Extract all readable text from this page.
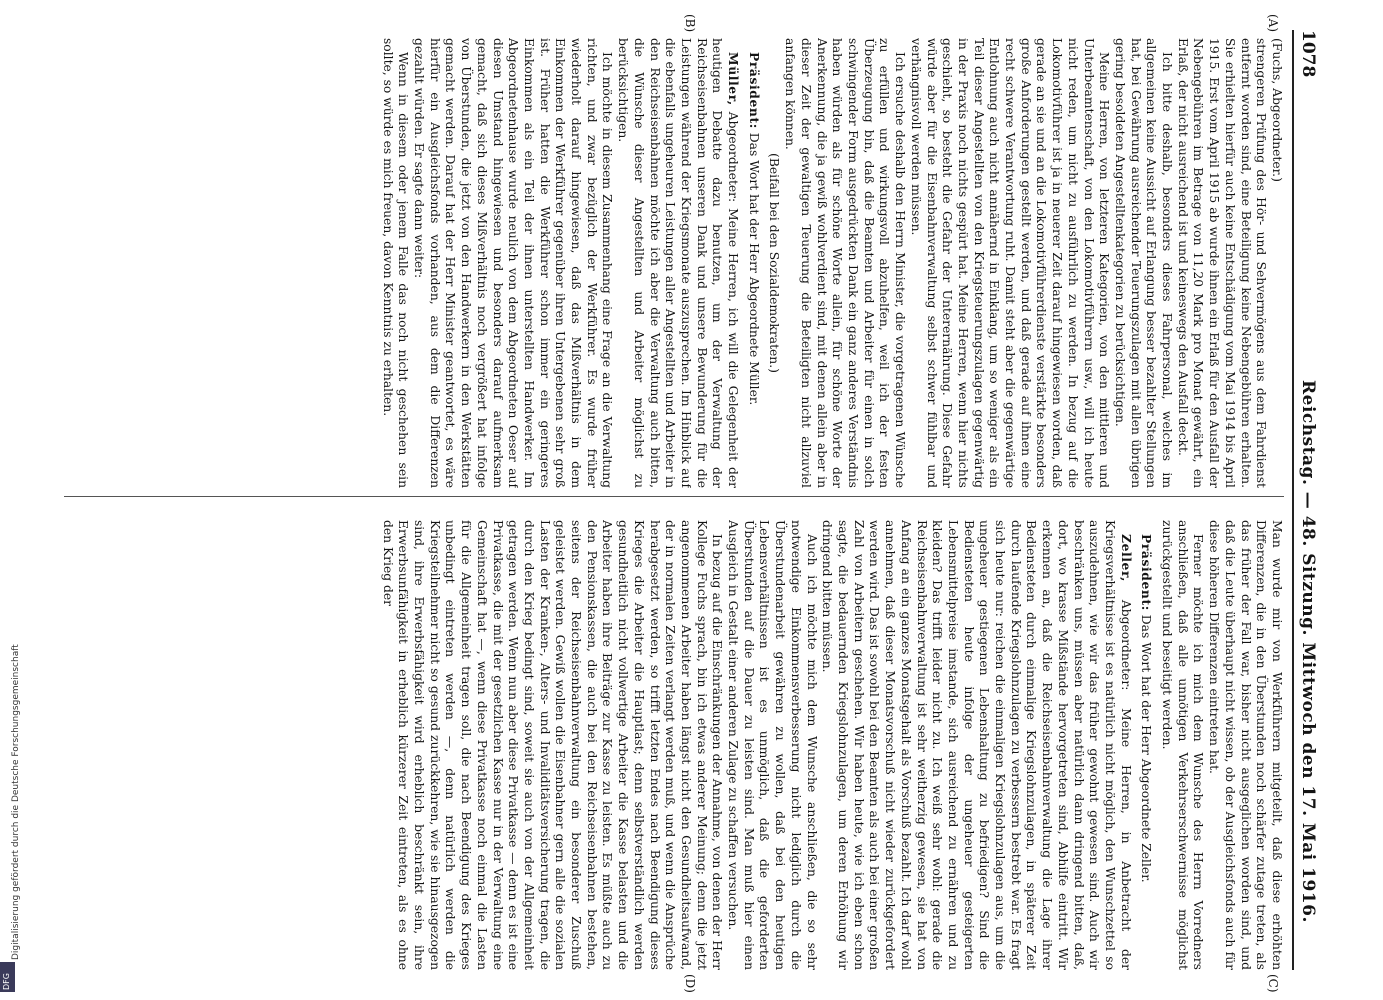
1078
Reichstag. — 48. Sitzung. Mittwoch den 17. Mai 1916.
(A)
(B)
(C)
(D)

(Fuchs, Abgeordneter.)

strengeren Prüfung des Hör- und Sehvermögens aus dem Fahrdienst entfernt worden sind, eine Beteiligung keine Nebengebühren erhalten. Sie erhielten hierfür auch keine Entschädigung vom Mai 1914 bis April 1915. Erst vom April 1915 ab wurde ihnen ein Erlaß für den Ausfall der Nebengebühren im Betrage von 11,20 Mark pro Monat gewährt, ein Erlaß, der nicht ausreichend ist und keineswegs den Ausfall deckt.

Ich bitte deshalb, besonders dieses Fahrpersonal, welches im allgemeinen keine Aussicht auf Erlangung besser bezahlter Stellungen hat, bei Gewährung ausreichender Teuerungszulagen mit allen übrigen gering besoldeten Angestelltenkategorien zu berücksichtigen.

Meine Herren, von letzteren Kategorien, von den mittleren und Unterbeamtenschaft, von den Lokomotivführern usw., will ich heute nicht reden, um nicht zu ausführlich zu werden. In bezug auf die Lokomotivführer ist ja in neuerer Zeit darauf hingewiesen worden, daß gerade an sie und an die Lokomotivführerdienste verstärkte besonders große Anforderungen gestellt werden, und daß gerade auf ihnen eine recht schwere Verantwortung ruht. Damit steht aber die gegenwärtige Entlohnung auch nicht annähernd in Einklang, um so weniger als ein Teil dieser Angestellten von den Kriegsteuerungszulagen gegenwärtig in der Praxis noch nichts gespürt hat. Meine Herren, wenn hier nichts geschieht, so besteht die Gefahr der Unterernährung. Diese Gefahr würde aber für die Eisenbahnverwaltung selbst schwer fühlbar und verhängnisvoll werden müssen.

Ich ersuche deshalb den Herrn Minister, die vorgetragenen Wünsche zu erfüllen und wirkungsvoll abzuhelfen, weil ich der festen Überzeugung bin, daß die Beamten und Arbeiter für einen in solch schwingender Form ausgedrückten Dank ein ganz anderes Verständnis haben würden als für schöne Worte allein, für schöne Worte der Anerkennung, die ja gewiß wohlverdient sind, mit denen allein aber in dieser Zeit der gewaltigen Teuerung die Beteiligten nicht allzuviel anfangen können.

(Beifall bei den Sozialdemokraten.)

Präsident: Das Wort hat der Herr Abgeordnete Müller.

Müller, Abgeordneter: Meine Herren, ich will die Gelegenheit der heutigen Debatte dazu benutzen, um der Verwaltung der Reichseisenbahnen unseren Dank und unsere Bewunderung für die Leistungen während der Kriegsmonate auszusprechen. Im Hinblick auf die ebenfalls ungeheuren Leistungen aller Angestellten und Arbeiter in den Reichseisenbahnen möchte ich aber die Verwaltung auch bitten, die Wünsche dieser Angestellten und Arbeiter möglichst zu berücksichtigen.

Ich möchte in diesem Zusammenhang eine Frage an die Verwaltung richten, und zwar bezüglich der Werkführer. Es wurde früher wiederholt darauf hingewiesen, daß das Mißverhältnis in dem Einkommen der Werkführer gegenüber ihren Untergebenen sehr groß ist. Früher hatten die Werkführer schon immer ein geringeres Einkommen als ein Teil der ihnen unterstellten Handwerker. Im Abgeordnetenhause wurde neulich von dem Abgeordneten Oeser auf diesen Umstand hingewiesen und besonders darauf aufmerksam gemacht, daß sich dieses Mißverhältnis noch vergrößert hat infolge von Überstunden, die jetzt von den Handwerkern in den Werkstätten gemacht werden. Darauf hat der Herr Minister geantwortet, es wäre hierfür ein Ausgleichsfonds vorhanden, aus dem die Differenzen gezahlt würden. Er sagte dann weiter:

Wenn in diesem oder jenem Falle das noch nicht geschehen sein sollte, so würde es mich freuen, davon Kenntnis zu erhalten.

Man wurde mir von Werkführern mitgeteilt, daß diese erhöhten Differenzen, die in den Überstunden noch schärfer zutage treten, als das früher der Fall war, bisher nicht ausgeglichen worden sind, und daß die Leute überhaupt nicht wissen, ob der Ausgleichsfonds auch für diese höheren Differenzen eintreten hat.

Ferner möchte ich mich dem Wunsche des Herrn Vorredners anschließen, daß alle unnötigen Verkehrserschwernisse möglichst zurückgestellt und beseitigt werden.

Präsident: Das Wort hat der Herr Abgeordnete Zeller.

Zeller, Abgeordneter: Meine Herren, in Anbetracht der Kriegsverhältnisse ist es natürlich nicht möglich, den Wunschzettel so auszudehnen, wie wir das früher gewohnt gewesen sind. Auch wir beschränken uns, müssen aber natürlich dann dringend bitten, daß, dort, wo krasse Mißstände hervorgetreten sind, Abhilfe eintritt. Wir erkennen an, daß die Reichseisenbahnverwaltung die Lage ihrer Bediensteten durch einmalige Kriegslohnzulagen, in späterer Zeit durch laufende Kriegslohnzulagen zu verbessern bestrebt war. Es fragt sich heute nur: reichen die einmaligen Kriegslohnzulagen aus, um die ungeheuer gestiegenen Lebenshaltung zu befriedigen? Sind die Bediensteten heute infolge der ungeheuer gesteigerten Lebensmittelpreise imstande, sich ausreichend zu ernähren und zu kleiden? Das trifft leider nicht zu. Ich weiß sehr wohl: gerade die Reichseisenbahnverwaltung ist sehr weitherzig gewesen, sie hat von Anfang an ein ganzes Monatsgehalt als Vorschuß bezahlt. Ich darf wohl annehmen, daß dieser Monatsvorschuß nicht wieder zurückgefordert werden wird. Das ist sowohl bei den Beamten als auch bei einer großen Zahl von Arbeitern geschehen. Wir haben heute, wie ich eben schon sagte, die bedauernden Kriegslohnzulagen, um deren Erhöhung wir dringend bitten müssen.

Auch ich möchte mich dem Wunsche anschließen, die so sehr notwendige Einkommensverbesserung nicht lediglich durch die Überstundenarbeit gewähren zu wollen, daß bei den heutigen Lebensverhältnissen ist es unmöglich, daß die geforderten Überstunden auf die Dauer zu leisten sind. Man muß hier einen Ausgleich in Gestalt einer anderen Zulage zu schaffen versuchen.

In bezug auf die Einschränkungen der Annahme, von denen der Herr Kollege Fuchs sprach, bin ich etwas anderer Meinung; denn die jetzt angenommenen Arbeiter haben längst nicht den Gesundheitsaufwand, der in normalen Zeiten verlangt werden muß, und wenn die Ansprüche herabgesetzt werden, so trifft letzten Endes nach Beendigung dieses Krieges die Arbeiter die Hauptlast; denn selbstverständlich werden gesundheitlich nicht vollwertige Arbeiter die Kasse belasten und die Arbeiter haben ihre Beiträge zur Kasse zu leisten. Es müßte auch zu den Pensionskassen, die auch bei den Reichseisenbahnen bestehen, seitens der Reichseisenbahnverwaltung ein besonderer Zuschuß geleistet werden. Gewiß wollen die Eisenbahner gern alle die sozialen Lasten der Kranken-, Alters- und Invaliditätsversicherung tragen, die durch den Krieg bedingt sind, soweit sie auch von der Allgemeinheit getragen werden. Wenn nun aber diese Privatkasse — denn es ist eine Privatkasse, die mit der gesetzlichen Kasse nur in der Verwaltung eine Gemeinschaft hat —, wenn diese Privatkasse noch einmal die Lasten für die Allgemeinheit tragen soll, die nach Beendigung des Krieges unbedingt eintreten werden —, denn natürlich werden die Kriegsteilnehmer nicht so gesund zurückkehren, wie sie hinausgezogen sind, ihre Erwerbsfähigkeit wird erheblich beschränkt sein, ihre Erwerbsunfähigkeit in erheblich kürzerer Zeit eintreten, als es ohne den Krieg der

Digitalisierung gefördert durch die Deutsche Forschungsgemeinschaft
DFG
